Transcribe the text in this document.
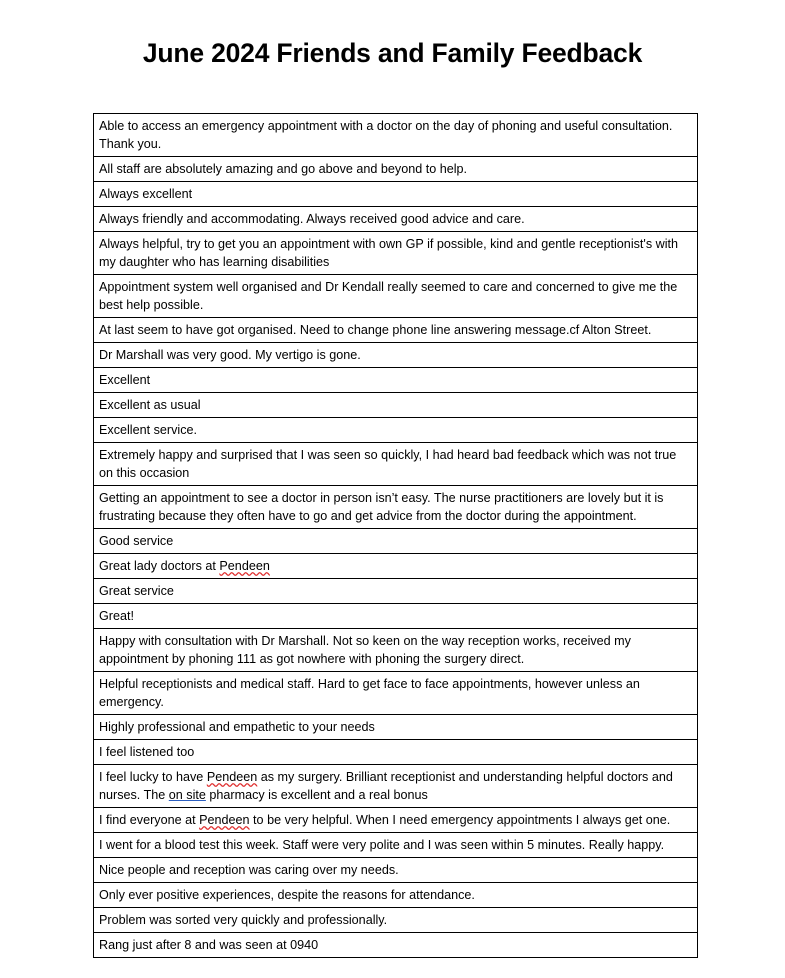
June 2024 Friends and Family Feedback
Able to access an emergency appointment with a doctor on the day of phoning and useful consultation. Thank you.
All staff are absolutely amazing and go above and beyond to help.
Always excellent
Always friendly and accommodating. Always received good advice and care.
Always helpful, try to get you an appointment with own GP if possible, kind and gentle receptionist's with my daughter who has learning disabilities
Appointment system well organised and Dr Kendall really seemed to care and concerned to give me the best help possible.
At last seem to have got organised. Need to change phone line answering message.cf Alton Street.
Dr Marshall was very good. My vertigo is gone.
Excellent
Excellent as usual
Excellent service.
Extremely happy and surprised that I was seen so quickly, I had heard bad feedback which was not true on this occasion
Getting an appointment to see a doctor in person isn’t easy. The nurse practitioners are lovely but it is frustrating because they often have to go and get advice from the doctor during the appointment.
Good service
Great lady doctors at Pendeen
Great service
Great!
Happy with consultation with Dr Marshall. Not so keen on the way reception works, received my appointment by phoning 111 as got nowhere with phoning the surgery direct.
Helpful receptionists and medical staff. Hard to get face to face appointments, however unless an emergency.
Highly professional and empathetic to your needs
I feel listened too
I feel lucky to have Pendeen as my surgery. Brilliant receptionist and understanding helpful doctors and nurses. The on site pharmacy is excellent and a real bonus
I find everyone at Pendeen to be very helpful. When I need emergency appointments I always get one.
I went for a blood test this week. Staff were very polite and I was seen within 5 minutes. Really happy.
Nice people and reception was caring over my needs.
Only ever positive experiences, despite the reasons for attendance.
Problem was sorted very quickly and professionally.
Rang just after 8 and was seen at 0940
